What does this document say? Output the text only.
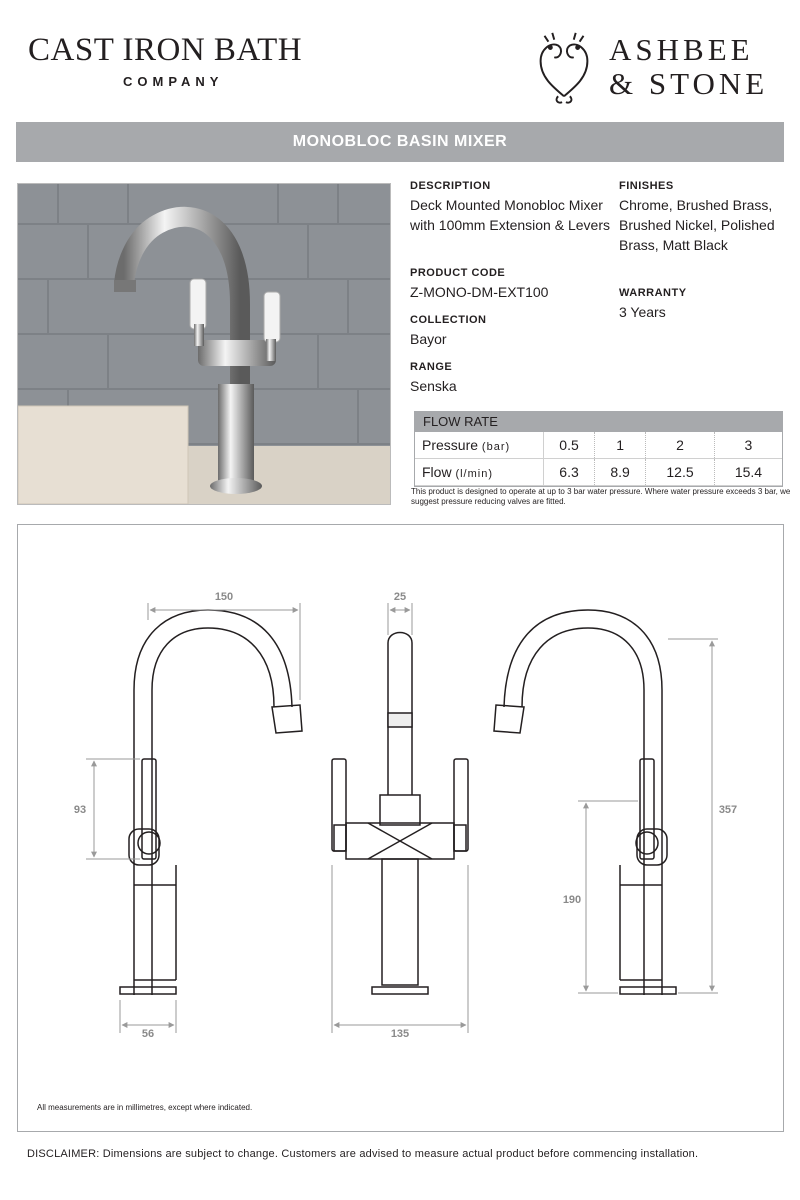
CAST IRON BATH
COMPANY
ASHBEE
& STONE
MONOBLOC BASIN MIXER
DESCRIPTION
Deck Mounted Monobloc Mixer with 100mm Extension & Levers
PRODUCT CODE
Z-MONO-DM-EXT100
COLLECTION
Bayor
RANGE
Senska
FINISHES
Chrome, Brushed Brass, Brushed Nickel, Polished Brass, Matt Black
WARRANTY
3 Years
FLOW RATE
Pressure (bar)	0.5	1	2	3
Flow (l/min)	6.3	8.9	12.5	15.4
This product is designed to operate at up to 3 bar water pressure. Where water pressure exceeds 3 bar, we suggest pressure reducing valves are fitted.
150	25
93
56	135
190
357
All measurements are in millimetres, except where indicated.
DISCLAIMER: Dimensions are subject to change. Customers are advised to measure actual product before commencing installation.
